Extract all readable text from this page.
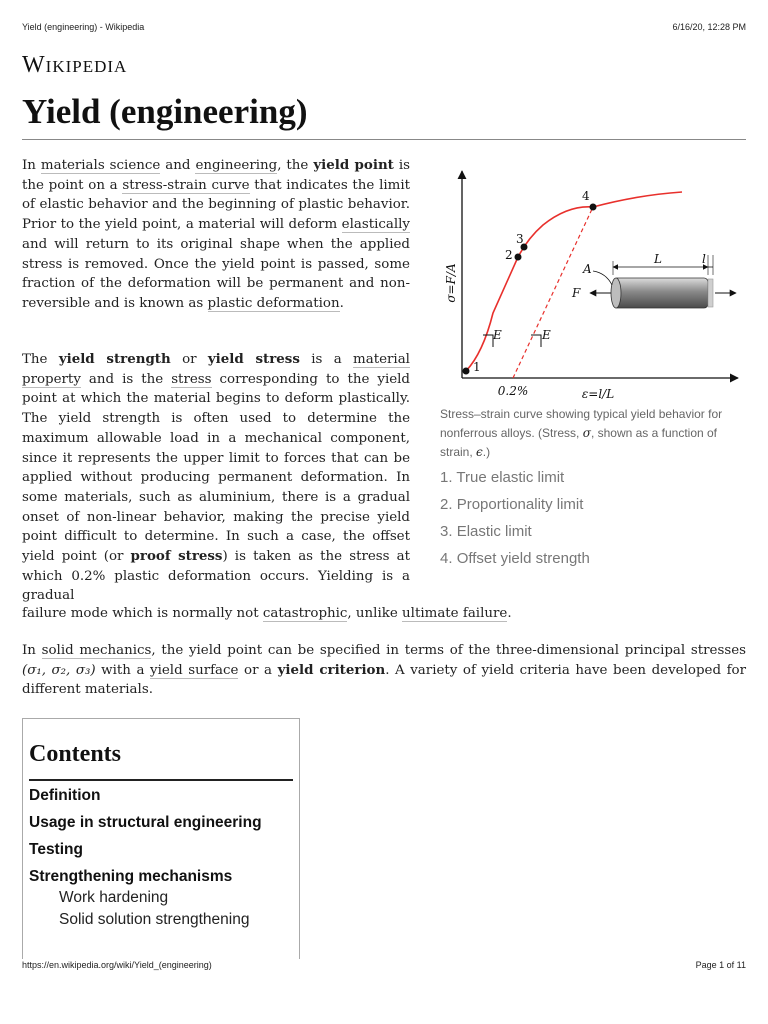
Yield (engineering) - Wikipedia	6/16/20, 12:28 PM
Wikipedia
Yield (engineering)

In materials science and engineering, the yield point is the point on a stress-strain curve that indicates the limit of elastic behavior and the beginning of plastic behavior. Prior to the yield point, a material will deform elastically and will return to its original shape when the applied stress is removed. Once the yield point is passed, some fraction of the deformation will be permanent and non-reversible and is known as plastic deformation.

The yield strength or yield stress is a material property and is the stress corresponding to the yield point at which the material begins to deform plastically. The yield strength is often used to determine the maximum allowable load in a mechanical component, since it represents the upper limit to forces that can be applied without producing permanent deformation. In some materials, such as aluminium, there is a gradual onset of non-linear behavior, making the precise yield point difficult to determine. In such a case, the offset yield point (or proof stress) is taken as the stress at which 0.2% plastic deformation occurs. Yielding is a gradual

failure mode which is normally not catastrophic, unlike ultimate failure.

In solid mechanics, the yield point can be specified in terms of the three-dimensional principal stresses (σ₁, σ₂, σ₃) with a yield surface or a yield criterion. A variety of yield criteria have been developed for different materials.

σ=F/A
ε=l/L
0.2%
E	E
1
2
3
4
A
F
L	l

Stress–strain curve showing typical yield behavior for nonferrous alloys. (Stress, σ, shown as a function of strain, ϵ.)

1. True elastic limit
2. Proportionality limit
3. Elastic limit
4. Offset yield strength
Contents
Definition
Usage in structural engineering
Testing
Strengthening mechanisms
Work hardening
Solid solution strengthening
https://en.wikipedia.org/wiki/Yield_(engineering)	Page 1 of 11
